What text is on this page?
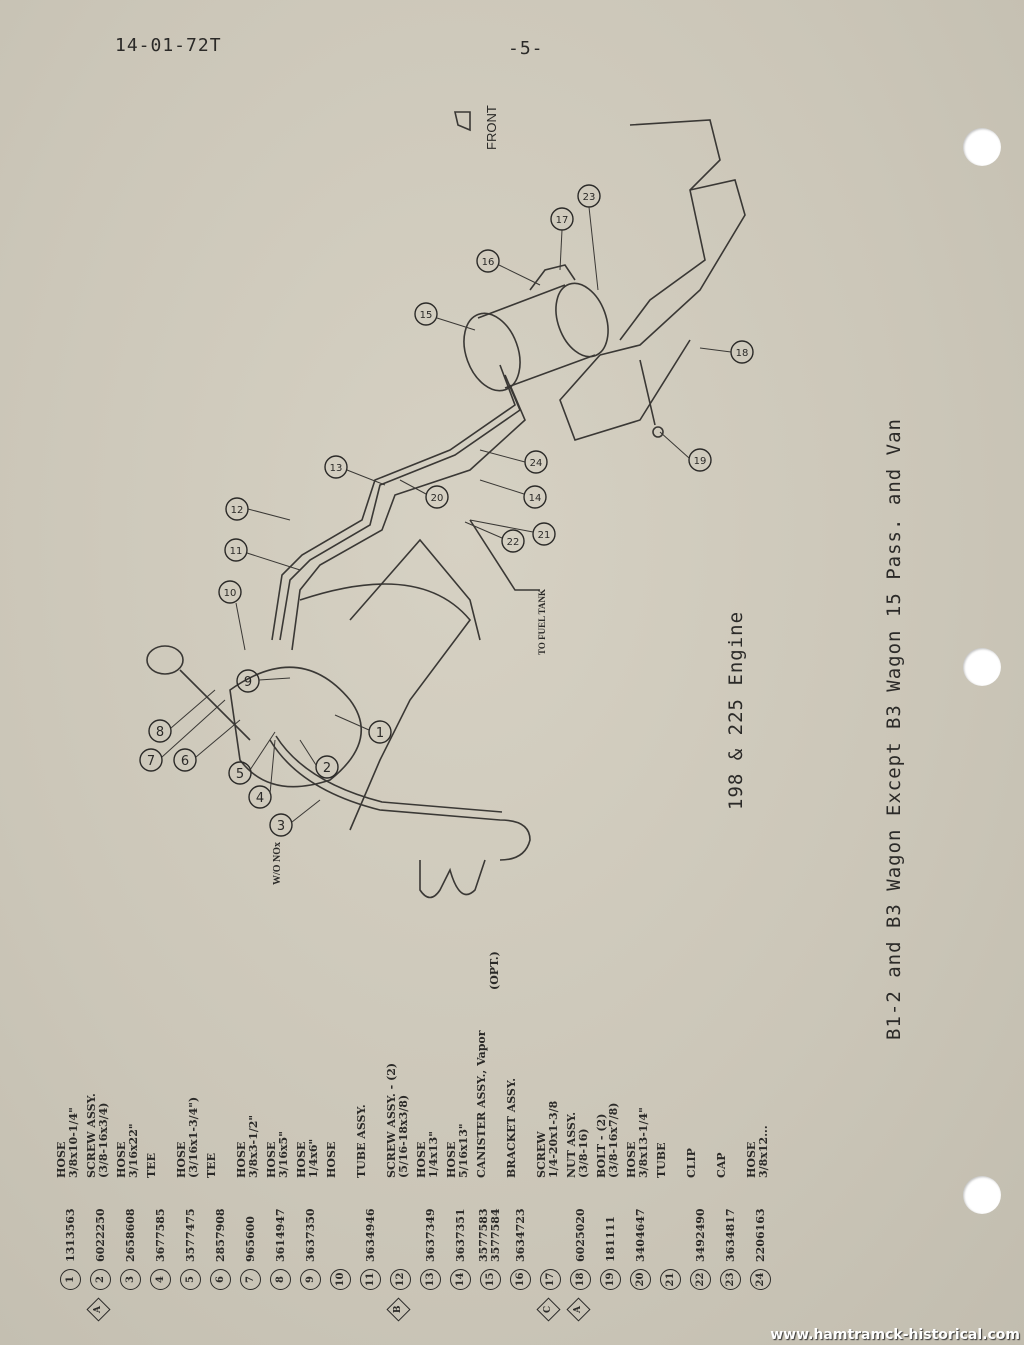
14-01-72T	-5-
FRONT
TO FUEL TANK
W/O NOx
1
2
3
4
5
6
7
8
9
10
11
12
13
14
15
16
17
18
19
20
21
22
23
24
198 & 225 Engine	B1-2 and B3 Wagon Except B3 Wagon 15 Pass. and Van
1
1313563
HOSE
3/8x10-1/4"
A
2
6022250
SCREW ASSY.
(3/8-16x3/4)
3
2658608
HOSE
3/16x22"
4
3677585
TEE
5
3577475
HOSE
(3/16x1-3/4")
6
2857908
TEE
7
965600
HOSE
3/8x3-1/2"
8
3614947
HOSE
3/16x5"
9
3637350
HOSE
1/4x6"
10
HOSE
11
3634946
TUBE ASSY.
B
12
SCREW ASSY. - (2)
(5/16-18x3/8)
13
3637349
HOSE
1/4x13"
14
3637351
HOSE
5/16x13"
15
3577583
3577584
CANISTER ASSY., Vapor
16
3634723
BRACKET ASSY.
C
17
SCREW
1/4-20x1-3/8
A
18
6025020
NUT ASSY.
(3/8-16)
19
181111
BOLT - (2)
(3/8-16x7/8)
20
3404647
HOSE
3/8x13-1/4"
21
TUBE
22
3492490
CLIP
23
3634817
CAP
24
2206163
HOSE
3/8x12...
(OPT.)
www.hamtramck-historical.com
